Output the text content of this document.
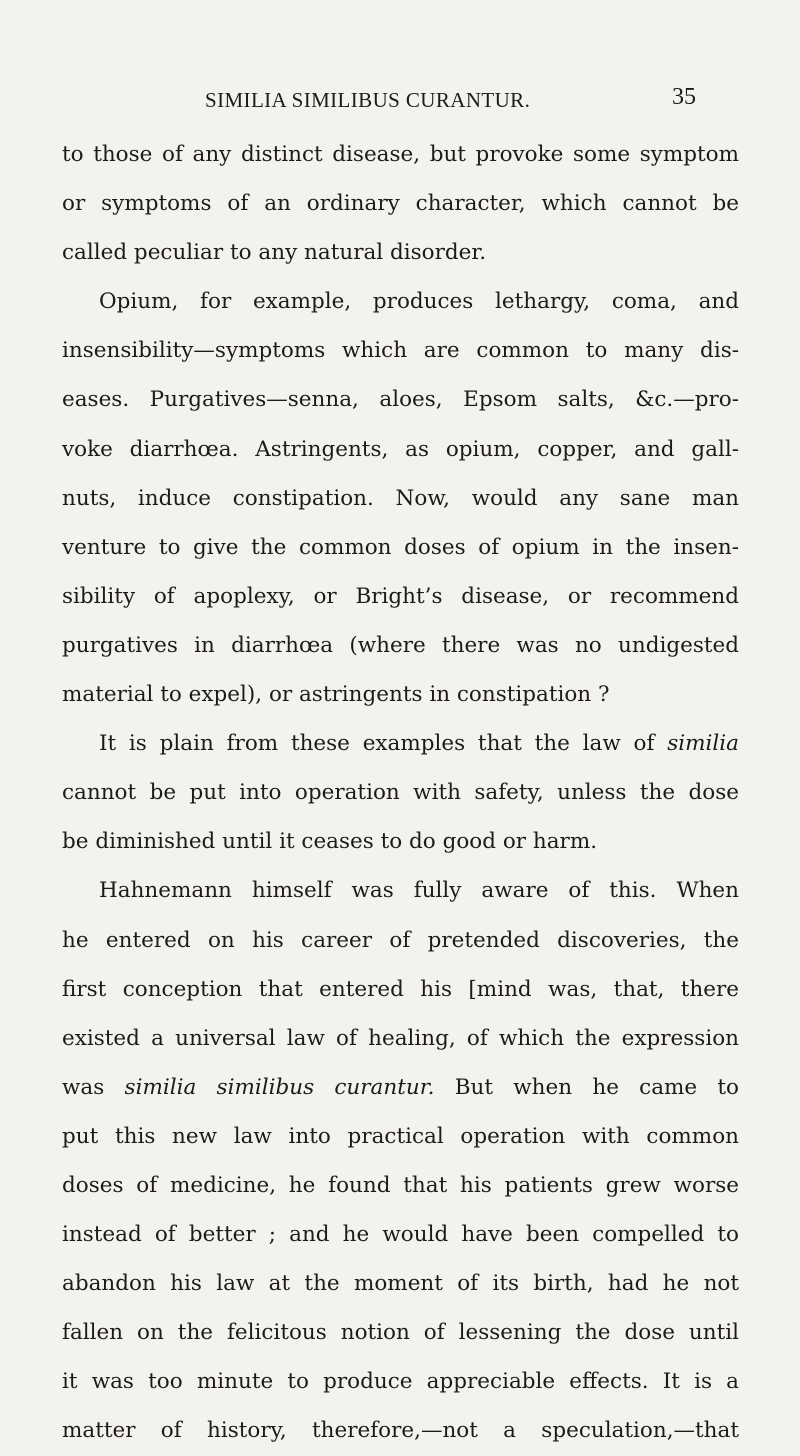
SIMILIA SIMILIBUS CURANTUR.	35
to those of any distinct disease, but provoke some symptom
or symptoms of an ordinary character, which cannot be
called peculiar to any natural disorder.
Opium, for example, produces lethargy, coma, and
insensibility—symptoms which are common to many dis-
eases. Purgatives—senna, aloes, Epsom salts, &c.—pro-
voke diarrhœa. Astringents, as opium, copper, and gall-
nuts, induce constipation. Now, would any sane man
venture to give the common doses of opium in the insen-
sibility of apoplexy, or Bright’s disease, or recommend
purgatives in diarrhœa (where there was no undigested
material to expel), or astringents in constipation ?
It is plain from these examples that the law of similia
cannot be put into operation with safety, unless the dose
be diminished until it ceases to do good or harm.
Hahnemann himself was fully aware of this. When
he entered on his career of pretended discoveries, the
first conception that entered his [mind was, that, there
existed a universal law of healing, of which the expression
was similia similibus curantur. But when he came to
put this new law into practical operation with common
doses of medicine, he found that his patients grew worse
instead of better ; and he would have been compelled to
abandon his law at the moment of its birth, had he not
fallen on the felicitous notion of lessening the dose until
it was too minute to produce appreciable effects. It is a
matter of history, therefore,—not a speculation,—that
